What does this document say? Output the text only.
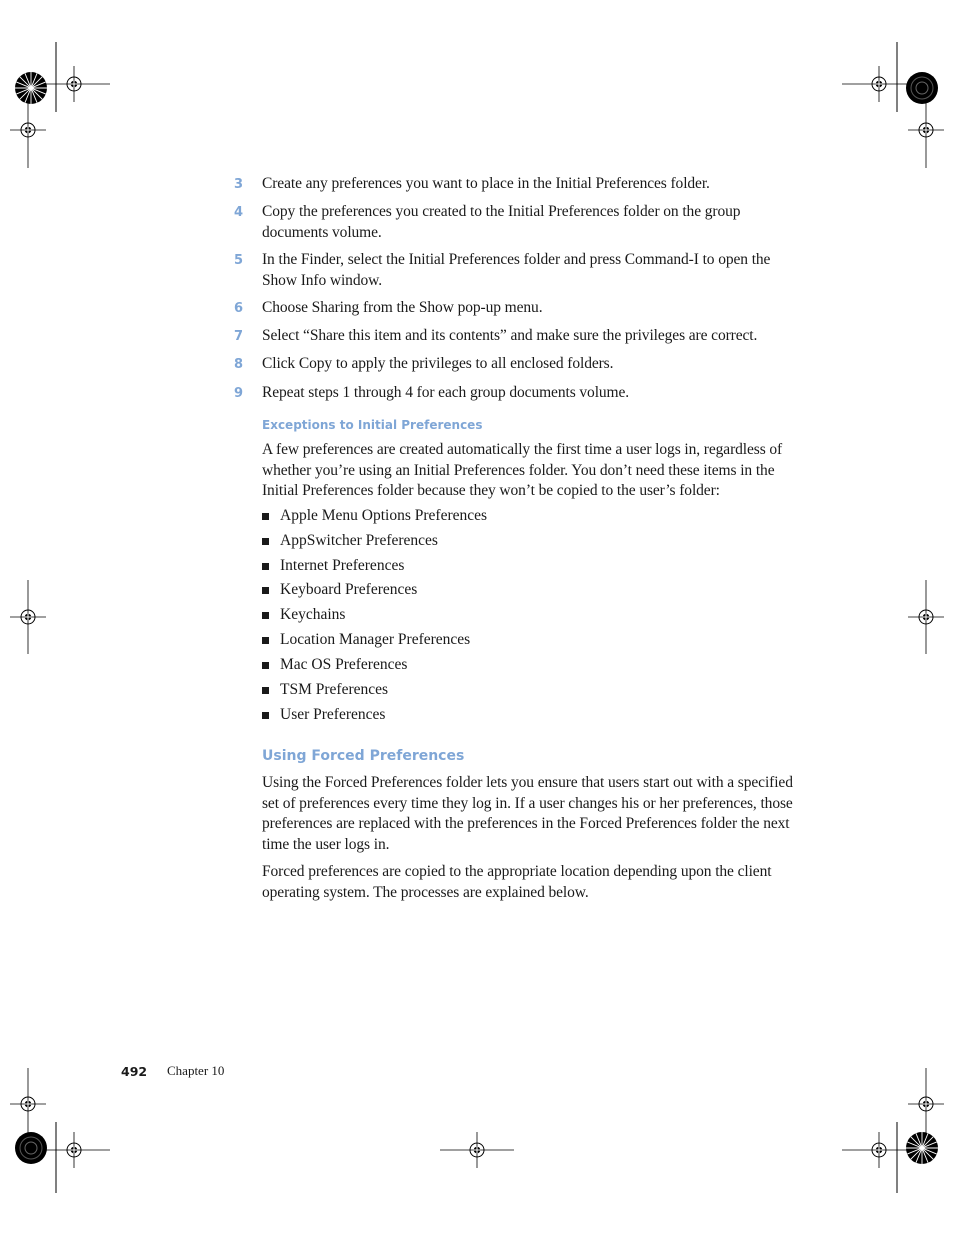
3	Create any preferences you want to place in the Initial Preferences folder.
4	Copy the preferences you created to the Initial Preferences folder on the group documents volume.
5	In the Finder, select the Initial Preferences folder and press Command-I to open the Show Info window.
6	Choose Sharing from the Show pop-up menu.
7	Select “Share this item and its contents” and make sure the privileges are correct.
8	Click Copy to apply the privileges to all enclosed folders.
9	Repeat steps 1 through 4 for each group documents volume.
Exceptions to Initial Preferences
A few preferences are created automatically the first time a user logs in, regardless of whether you’re using an Initial Preferences folder. You don’t need these items in the Initial Preferences folder because they won’t be copied to the user’s folder:
Apple Menu Options Preferences
AppSwitcher Preferences
Internet Preferences
Keyboard Preferences
Keychains
Location Manager Preferences
Mac OS Preferences
TSM Preferences
User Preferences
Using Forced Preferences
Using the Forced Preferences folder lets you ensure that users start out with a specified set of preferences every time they log in. If a user changes his or her preferences, those preferences are replaced with the preferences in the Forced Preferences folder the next time the user logs in.
Forced preferences are copied to the appropriate location depending upon the client operating system. The processes are explained below.
492 Chapter 10
